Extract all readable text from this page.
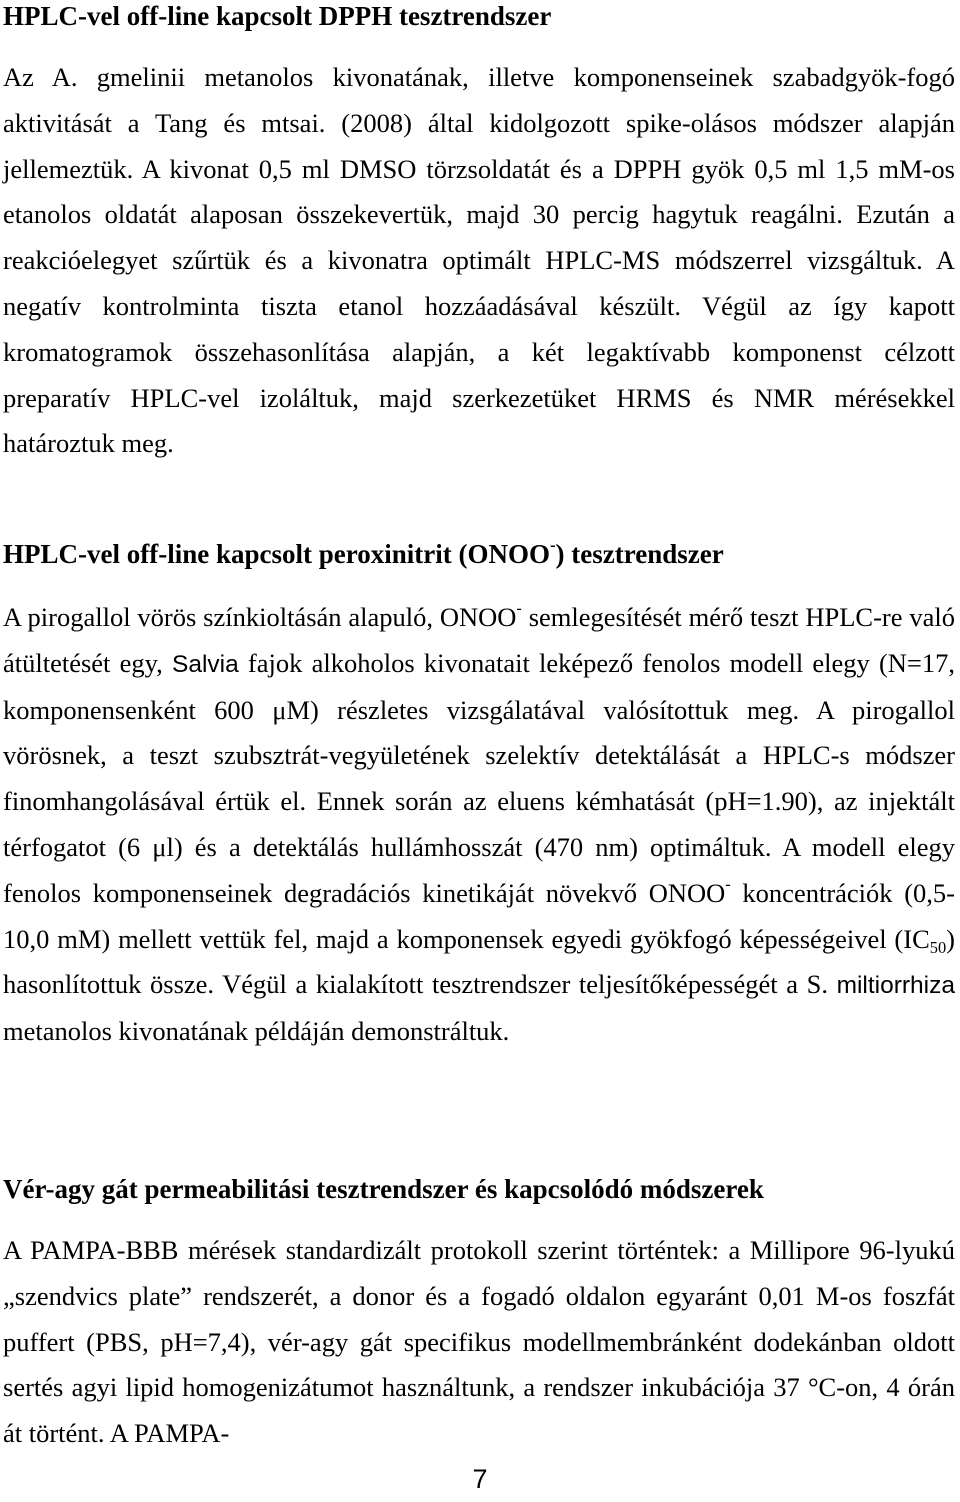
HPLC-vel off-line kapcsolt DPPH tesztrendszer

Az A. gmelinii metanolos kivonatának, illetve komponenseinek szabadgyök-fogó aktivitását a Tang és mtsai. (2008) által kidolgozott spike-olásos módszer alapján jellemeztük. A kivonat 0,5 ml DMSO törzsoldatát és a DPPH gyök 0,5 ml 1,5 mM-os etanolos oldatát alaposan összekevertük, majd 30 percig hagytuk reagálni. Ezután a reakcióelegyet szűrtük és a kivonatra optimált HPLC-MS módszerrel vizsgáltuk. A negatív kontrolminta tiszta etanol hozzáadásával készült. Végül az így kapott kromatogramok összehasonlítása alapján, a két legaktívabb komponenst célzott preparatív HPLC-vel izoláltuk, majd szerkezetüket HRMS és NMR mérésekkel határoztuk meg.

HPLC-vel off-line kapcsolt peroxinitrit (ONOO-) tesztrendszer

A pirogallol vörös színkioltásán alapuló, ONOO- semlegesítését mérő teszt HPLC-re való átültetését egy, Salvia fajok alkoholos kivonatait leképező fenolos modell elegy (N=17, komponensenként 600 μM) részletes vizsgálatával valósítottuk meg. A pirogallol vörösnek, a teszt szubsztrát-vegyületének szelektív detektálását a HPLC-s módszer finomhangolásával értük el. Ennek során az eluens kémhatását (pH=1.90), az injektált térfogatot (6 μl) és a detektálás hullámhosszát (470 nm) optimáltuk. A modell elegy fenolos komponenseinek degradációs kinetikáját növekvő ONOO- koncentrációk (0,5-10,0 mM) mellett vettük fel, majd a komponensek egyedi gyökfogó képességeivel $(IC_{50})$ hasonlítottuk össze. Végül a kialakított tesztrendszer teljesítőképességét a S. miltiorrhiza metanolos kivonatának példáján demonstráltuk.

Vér-agy gát permeabilitási tesztrendszer és kapcsolódó módszerek

A PAMPA-BBB mérések standardizált protokoll szerint történtek: a Millipore 96-lyukú „szendvics plate” rendszerét, a donor és a fogadó oldalon egyaránt 0,01 M-os foszfát puffert (PBS, pH=7,4), vér-agy gát specifikus modellmembránként dodekánban oldott sertés agyi lipid homogenizátumot használtunk, a rendszer inkubációja 37 °C-on, 4 órán át történt. A PAMPA-

7
